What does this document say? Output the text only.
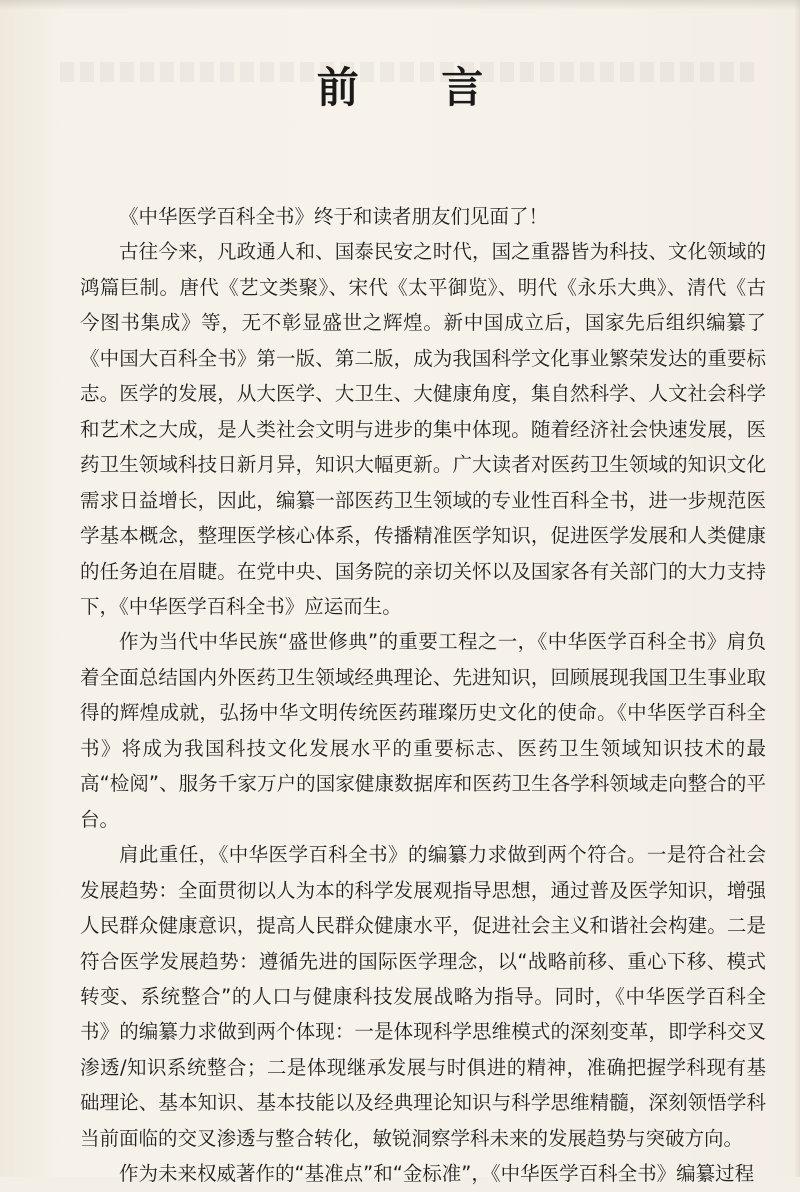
前 言

《中华医学百科全书》终于和读者朋友们见面了！

古往今来，凡政通人和、国泰民安之时代，国之重器皆为科技、文化领域的鸿篇巨制。唐代《艺文类聚》、宋代《太平御览》、明代《永乐大典》、清代《古今图书集成》等，无不彰显盛世之辉煌。新中国成立后，国家先后组织编纂了《中国大百科全书》第一版、第二版，成为我国科学文化事业繁荣发达的重要标志。医学的发展，从大医学、大卫生、大健康角度，集自然科学、人文社会科学和艺术之大成，是人类社会文明与进步的集中体现。随着经济社会快速发展，医药卫生领域科技日新月异，知识大幅更新。广大读者对医药卫生领域的知识文化需求日益增长，因此，编纂一部医药卫生领域的专业性百科全书，进一步规范医学基本概念，整理医学核心体系，传播精准医学知识，促进医学发展和人类健康的任务迫在眉睫。在党中央、国务院的亲切关怀以及国家各有关部门的大力支持下，《中华医学百科全书》应运而生。

作为当代中华民族“盛世修典”的重要工程之一，《中华医学百科全书》肩负着全面总结国内外医药卫生领域经典理论、先进知识，回顾展现我国卫生事业取得的辉煌成就，弘扬中华文明传统医药璀璨历史文化的使命。《中华医学百科全书》将成为我国科技文化发展水平的重要标志、医药卫生领域知识技术的最高“检阅”、服务千家万户的国家健康数据库和医药卫生各学科领域走向整合的平台。

肩此重任，《中华医学百科全书》的编纂力求做到两个符合。一是符合社会发展趋势：全面贯彻以人为本的科学发展观指导思想，通过普及医学知识，增强人民群众健康意识，提高人民群众健康水平，促进社会主义和谐社会构建。二是符合医学发展趋势：遵循先进的国际医学理念，以“战略前移、重心下移、模式转变、系统整合”的人口与健康科技发展战略为指导。同时，《中华医学百科全书》的编纂力求做到两个体现：一是体现科学思维模式的深刻变革，即学科交叉渗透/知识系统整合；二是体现继承发展与时俱进的精神，准确把握学科现有基础理论、基本知识、基本技能以及经典理论知识与科学思维精髓，深刻领悟学科当前面临的交叉渗透与整合转化，敏锐洞察学科未来的发展趋势与突破方向。

作为未来权威著作的“基准点”和“金标准”，《中华医学百科全书》编纂过程
